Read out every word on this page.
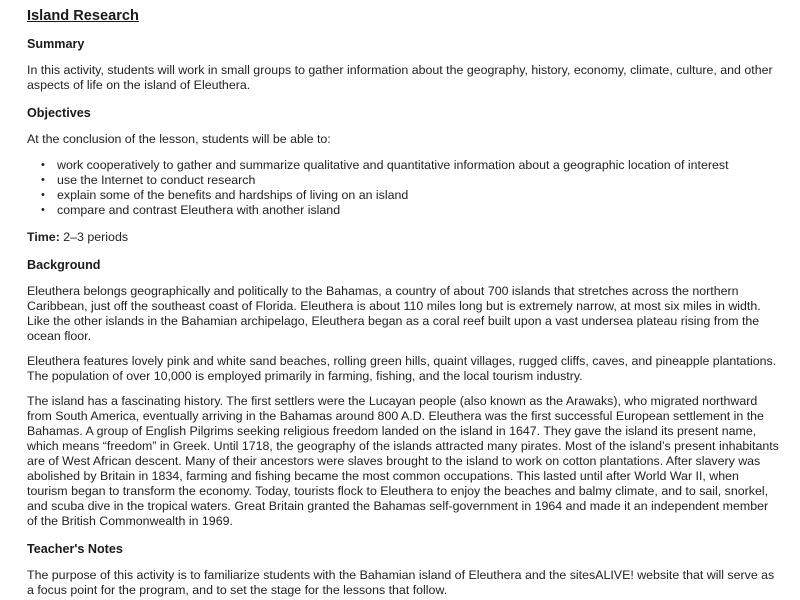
Island Research
Summary

In this activity, students will work in small groups to gather information about the geography, history, economy, climate, culture, and other aspects of life on the island of Eleuthera.

Objectives

At the conclusion of the lesson, students will be able to:

• work cooperatively to gather and summarize qualitative and quantitative information about a geographic location of interest
• use the Internet to conduct research
• explain some of the benefits and hardships of living on an island
• compare and contrast Eleuthera with another island

Time: 2–3 periods

Background

Eleuthera belongs geographically and politically to the Bahamas, a country of about 700 islands that stretches across the northern Caribbean, just off the southeast coast of Florida. Eleuthera is about 110 miles long but is extremely narrow, at most six miles in width. Like the other islands in the Bahamian archipelago, Eleuthera began as a coral reef built upon a vast undersea plateau rising from the ocean floor.

Eleuthera features lovely pink and white sand beaches, rolling green hills, quaint villages, rugged cliffs, caves, and pineapple plantations. The population of over 10,000 is employed primarily in farming, fishing, and the local tourism industry.

The island has a fascinating history. The first settlers were the Lucayan people (also known as the Arawaks), who migrated northward from South America, eventually arriving in the Bahamas around 800 A.D. Eleuthera was the first successful European settlement in the Bahamas. A group of English Pilgrims seeking religious freedom landed on the island in 1647. They gave the island its present name, which means “freedom” in Greek. Until 1718, the geography of the islands attracted many pirates. Most of the island’s present inhabitants are of West African descent. Many of their ancestors were slaves brought to the island to work on cotton plantations. After slavery was abolished by Britain in 1834, farming and fishing became the most common occupations. This lasted until after World War II, when tourism began to transform the economy. Today, tourists flock to Eleuthera to enjoy the beaches and balmy climate, and to sail, snorkel, and scuba dive in the tropical waters. Great Britain granted the Bahamas self-government in 1964 and made it an independent member of the British Commonwealth in 1969.

Teacher's Notes

The purpose of this activity is to familiarize students with the Bahamian island of Eleuthera and the sitesALIVE! website that will serve as a focus point for the program, and to set the stage for the lessons that follow.
